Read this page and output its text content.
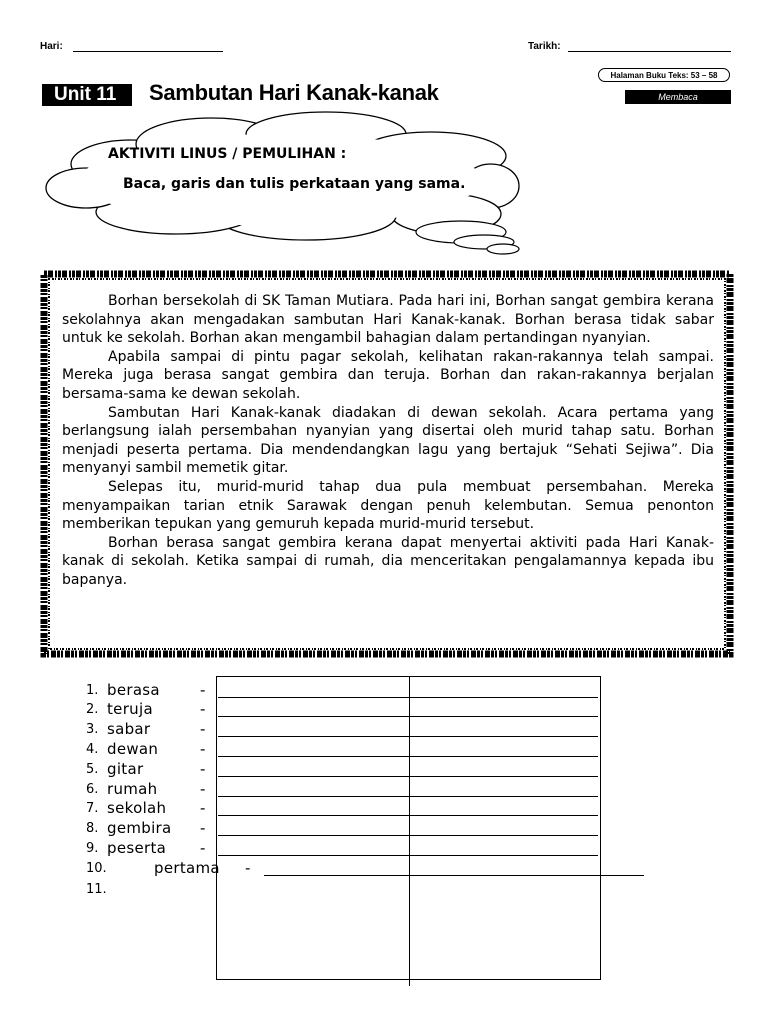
Hari:	Tarikh:
Unit 11	Sambutan Hari Kanak-kanak
Halaman Buku Teks: 53 – 58
Membaca
AKTIVITI LINUS / PEMULIHAN :
Baca, garis dan tulis perkataan yang sama.

Borhan bersekolah di SK Taman Mutiara. Pada hari ini, Borhan sangat gembira kerana sekolahnya akan mengadakan sambutan Hari Kanak-kanak. Borhan berasa tidak sabar untuk ke sekolah. Borhan akan mengambil bahagian dalam pertandingan nyanyian.

Apabila sampai di pintu pagar sekolah, kelihatan rakan-rakannya telah sampai. Mereka juga berasa sangat gembira dan teruja. Borhan dan rakan-rakannya berjalan bersama-sama ke dewan sekolah.

Sambutan Hari Kanak-kanak diadakan di dewan sekolah. Acara pertama yang berlangsung ialah persembahan nyanyian yang disertai oleh murid tahap satu. Borhan menjadi peserta pertama. Dia mendendangkan lagu yang bertajuk “Sehati Sejiwa”. Dia menyanyi sambil memetik gitar.

Selepas itu, murid-murid tahap dua pula membuat persembahan. Mereka menyampaikan tarian etnik Sarawak dengan penuh kelembutan. Semua penonton memberikan tepukan yang gemuruh kepada murid-murid tersebut.

Borhan berasa sangat gembira kerana dapat menyertai aktiviti pada Hari Kanak-kanak di sekolah. Ketika sampai di rumah, dia menceritakan pengalamannya kepada ibu bapanya.

1. berasa	-
2. teruja	-
3. sabar	-
4. dewan	-
5. gitar	-
6. rumah	-
7. sekolah -
8. gembira -
9. peserta -
10.	pertama -
11.
